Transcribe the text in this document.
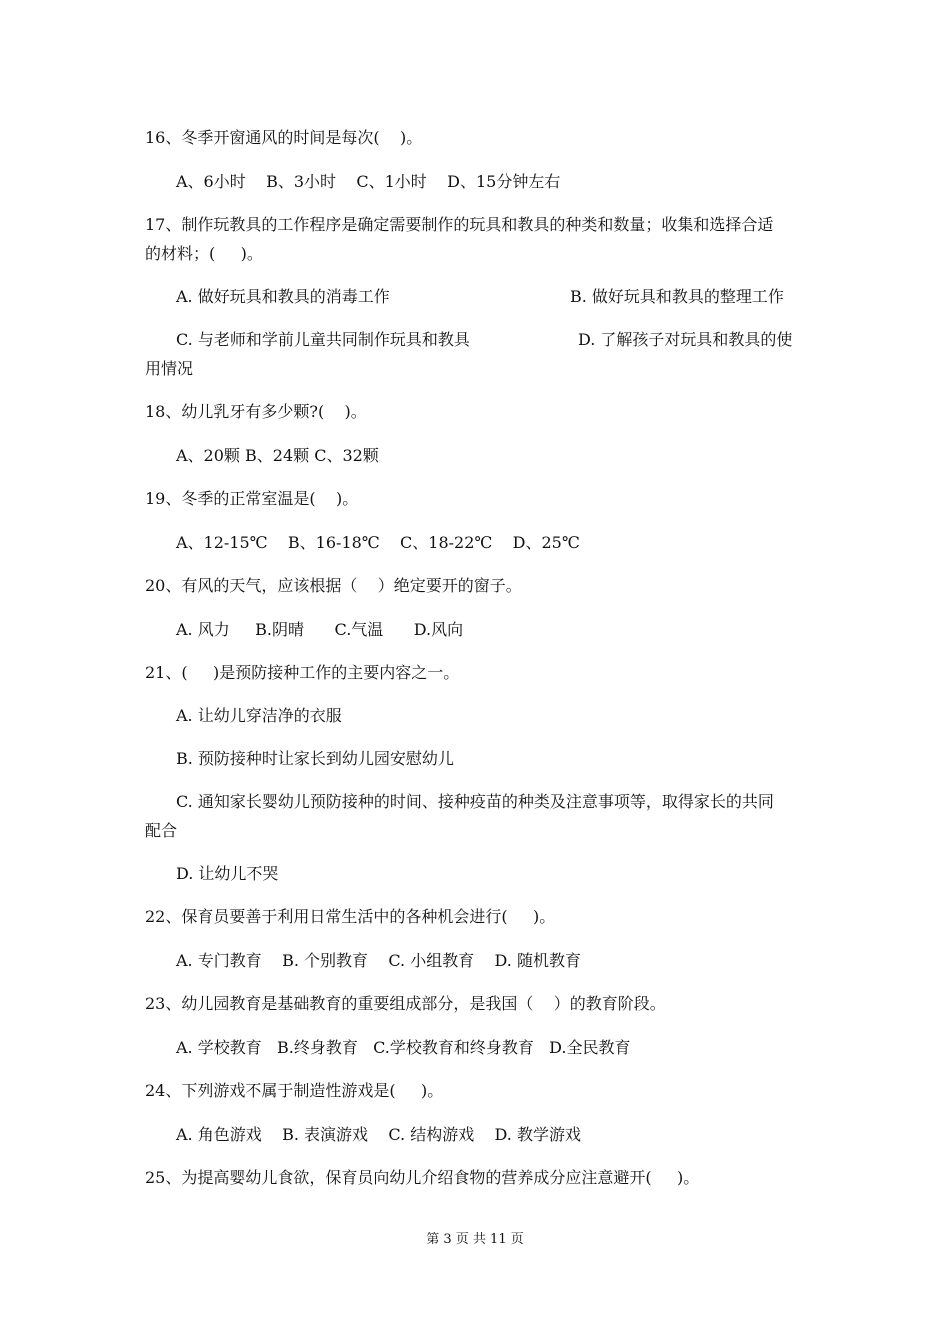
16、冬季开窗通风的时间是每次(    )。

A、6小时    B、3小时    C、1小时    D、15分钟左右

17、制作玩教具的工作程序是确定需要制作的玩具和教具的种类和数量；收集和选择合适

的材料；(     )。

A. 做好玩具和教具的消毒工作	B. 做好玩具和教具的整理工作

C. 与老师和学前儿童共同制作玩具和教具	D. 了解孩子对玩具和教具的使

用情况

18、幼儿乳牙有多少颗?(    )。

A、20颗 B、24颗 C、32颗

19、冬季的正常室温是(    )。

A、12-15℃    B、16-18℃    C、18-22℃    D、25℃

20、有风的天气，应该根据（    ）绝定要开的窗子。

A. 风力     B.阴晴      C.气温      D.风向

21、(     )是预防接种工作的主要内容之一。

A. 让幼儿穿洁净的衣服

B. 预防接种时让家长到幼儿园安慰幼儿

C. 通知家长婴幼儿预防接种的时间、接种疫苗的种类及注意事项等，取得家长的共同

配合

D. 让幼儿不哭

22、保育员要善于利用日常生活中的各种机会进行(     )。

A. 专门教育    B. 个别教育    C. 小组教育    D. 随机教育

23、幼儿园教育是基础教育的重要组成部分，是我国（    ）的教育阶段。

A. 学校教育   B.终身教育   C.学校教育和终身教育   D.全民教育

24、下列游戏不属于制造性游戏是(     )。

A. 角色游戏    B. 表演游戏    C. 结构游戏    D. 教学游戏

25、为提高婴幼儿食欲，保育员向幼儿介绍食物的营养成分应注意避开(     )。

第 3 页 共 11 页
